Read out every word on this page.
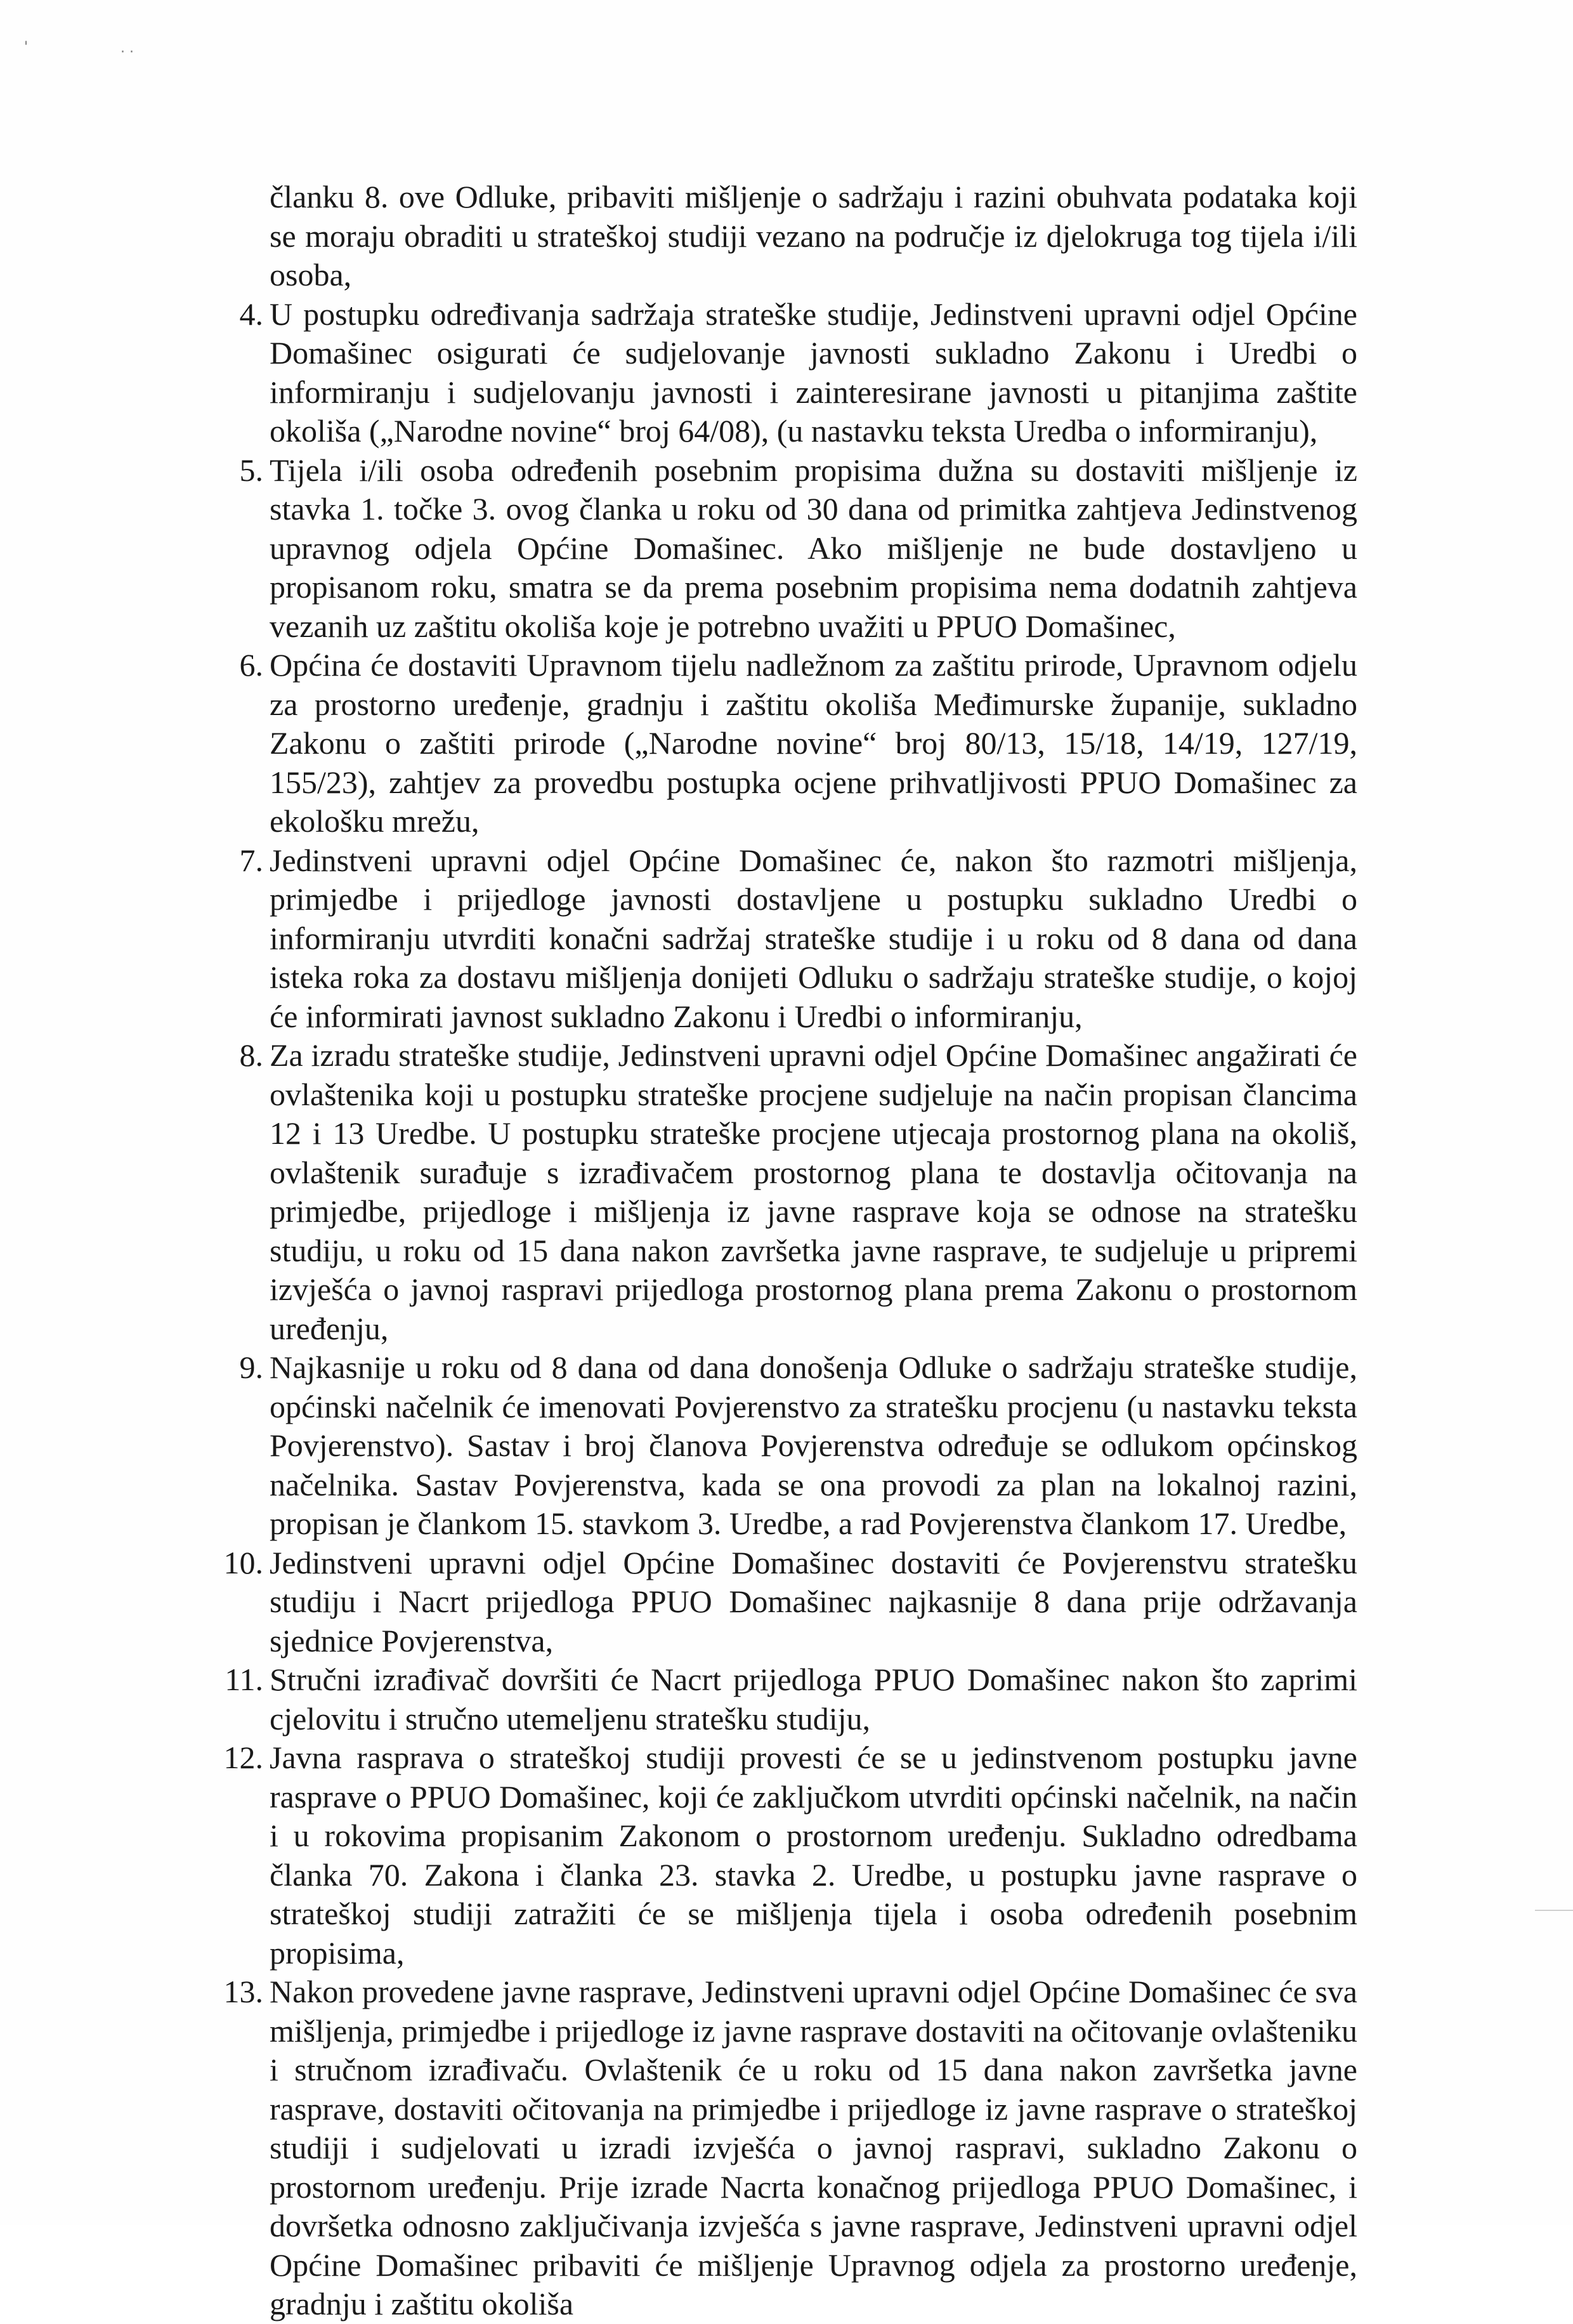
'	· ·

članku 8. ove Odluke, pribaviti mišljenje o sadržaju i razini obuhvata podataka koji se moraju obraditi u strateškoj studiji vezano na područje iz djelokruga tog tijela i/ili osoba,

4. U postupku određivanja sadržaja strateške studije, Jedinstveni upravni odjel Općine Domašinec osigurati će sudjelovanje javnosti sukladno Zakonu i Uredbi o informiranju i sudjelovanju javnosti i zainteresirane javnosti u pitanjima zaštite okoliša („Narodne novine“ broj 64/08), (u nastavku teksta Uredba o informiranju),
5. Tijela i/ili osoba određenih posebnim propisima dužna su dostaviti mišljenje iz stavka 1. točke 3. ovog članka u roku od 30 dana od primitka zahtjeva Jedinstvenog upravnog odjela Općine Domašinec. Ako mišljenje ne bude dostavljeno u propisanom roku, smatra se da prema posebnim propisima nema dodatnih zahtjeva vezanih uz zaštitu okoliša koje je potrebno uvažiti u PPUO Domašinec,
6. Općina će dostaviti Upravnom tijelu nadležnom za zaštitu prirode, Upravnom odjelu za prostorno uređenje, gradnju i zaštitu okoliša Međimurske županije, sukladno Zakonu o zaštiti prirode („Narodne novine“ broj 80/13, 15/18, 14/19, 127/19, 155/23), zahtjev za provedbu postupka ocjene prihvatljivosti PPUO Domašinec za ekološku mrežu,
7. Jedinstveni upravni odjel Općine Domašinec će, nakon što razmotri mišljenja, primjedbe i prijedloge javnosti dostavljene u postupku sukladno Uredbi o informiranju utvrditi konačni sadržaj strateške studije i u roku od 8 dana od dana isteka roka za dostavu mišljenja donijeti Odluku o sadržaju strateške studije, o kojoj će informirati javnost sukladno Zakonu i Uredbi o informiranju,
8. Za izradu strateške studije, Jedinstveni upravni odjel Općine Domašinec angažirati će ovlaštenika koji u postupku strateške procjene sudjeluje na način propisan člancima 12 i 13 Uredbe. U postupku strateške procjene utjecaja prostornog plana na okoliš, ovlaštenik surađuje s izrađivačem prostornog plana te dostavlja očitovanja na primjedbe, prijedloge i mišljenja iz javne rasprave koja se odnose na stratešku studiju, u roku od 15 dana nakon završetka javne rasprave, te sudjeluje u pripremi izvješća o javnoj raspravi prijedloga prostornog plana prema Zakonu o prostornom uređenju,
9. Najkasnije u roku od 8 dana od dana donošenja Odluke o sadržaju strateške studije, općinski načelnik će imenovati Povjerenstvo za stratešku procjenu (u nastavku teksta Povjerenstvo). Sastav i broj članova Povjerenstva određuje se odlukom općinskog načelnika. Sastav Povjerenstva, kada se ona provodi za plan na lokalnoj razini, propisan je člankom 15. stavkom 3. Uredbe, a rad Povjerenstva člankom 17. Uredbe,
10. Jedinstveni upravni odjel Općine Domašinec dostaviti će Povjerenstvu stratešku studiju i Nacrt prijedloga PPUO Domašinec najkasnije 8 dana prije održavanja sjednice Povjerenstva,
11. Stručni izrađivač dovršiti će Nacrt prijedloga PPUO Domašinec nakon što zaprimi cjelovitu i stručno utemeljenu stratešku studiju,
12. Javna rasprava o strateškoj studiji provesti će se u jedinstvenom postupku javne rasprave o PPUO Domašinec, koji će zaključkom utvrditi općinski načelnik, na način i u rokovima propisanim Zakonom o prostornom uređenju. Sukladno odredbama članka 70. Zakona i članka 23. stavka 2. Uredbe, u postupku javne rasprave o strateškoj studiji zatražiti će se mišljenja tijela i osoba određenih posebnim propisima,
13. Nakon provedene javne rasprave, Jedinstveni upravni odjel Općine Domašinec će sva mišljenja, primjedbe i prijedloge iz javne rasprave dostaviti na očitovanje ovlašteniku i stručnom izrađivaču. Ovlaštenik će u roku od 15 dana nakon završetka javne rasprave, dostaviti očitovanja na primjedbe i prijedloge iz javne rasprave o strateškoj studiji i sudjelovati u izradi izvješća o javnoj raspravi, sukladno Zakonu o prostornom uređenju. Prije izrade Nacrta konačnog prijedloga PPUO Domašinec, i dovršetka odnosno zaključivanja izvješća s javne rasprave, Jedinstveni upravni odjel Općine Domašinec pribaviti će mišljenje Upravnog odjela za prostorno uređenje, gradnju i zaštitu okoliša
